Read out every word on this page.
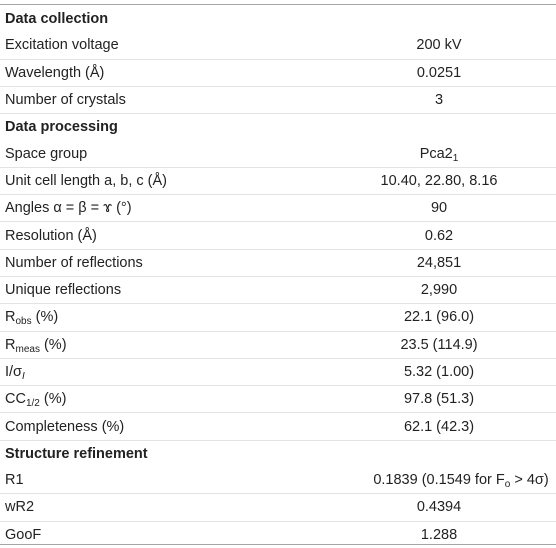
Data collection	
Excitation voltage	200 kV
Wavelength (Å)	0.0251
Number of crystals	3
Data processing	
Space group	$Pca2_1$
Unit cell length a, b, c (Å)	10.40, 22.80, 8.16
Angles α = β = ɤ (°)	90
Resolution (Å)	0.62
Number of reflections	24,851
Unique reflections	2,990
$R_{obs}$ (%)	22.1 (96.0)
$R_{meas}$ (%)	23.5 (114.9)
$I/\sigma_I$	5.32 (1.00)
$CC_{1/2}$ (%)	97.8 (51.3)
Completeness (%)	62.1 (42.3)
Structure refinement	
R1	0.1839 (0.1549 for $F_o > 4\sigma$)
wR2	0.4394
GooF	1.288
